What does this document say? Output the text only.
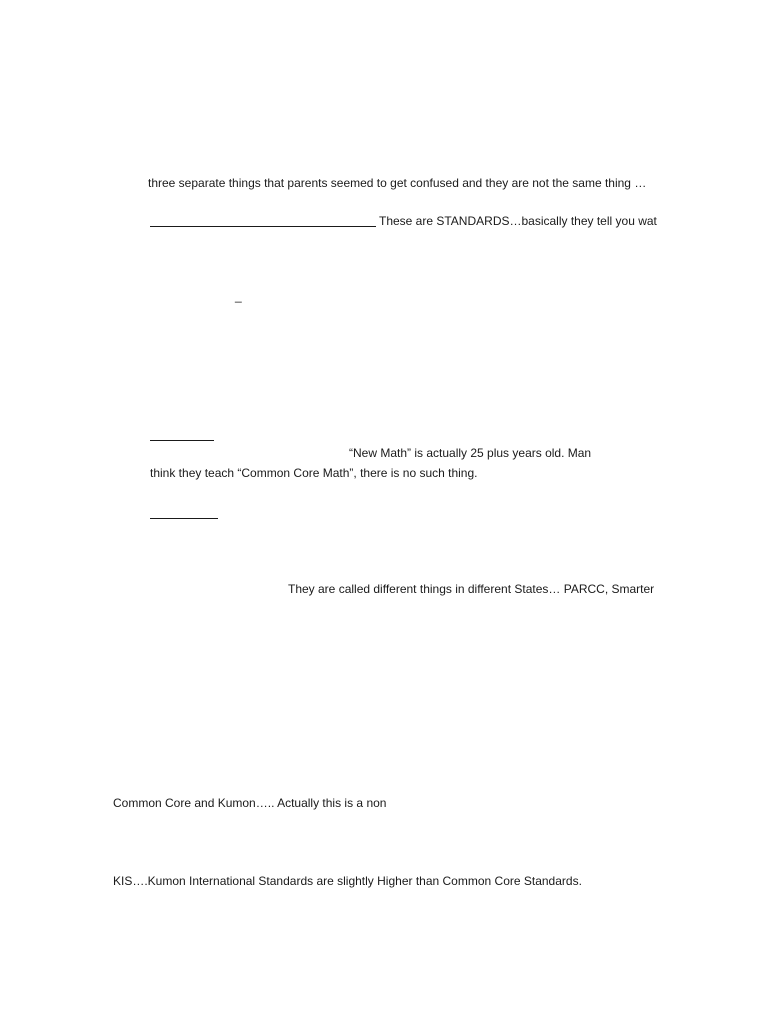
three separate things that parents seemed to get confused and they are not the same thing …
These are STANDARDS…basically they tell you wat
_
“New Math” is actually 25 plus years old. Man
think they teach “Common Core Math”, there is no such thing.
They are called different things in different States… PARCC, Smarter
Common Core and Kumon….. Actually this is a non
KIS….Kumon International Standards are slightly Higher than Common Core Standards.
